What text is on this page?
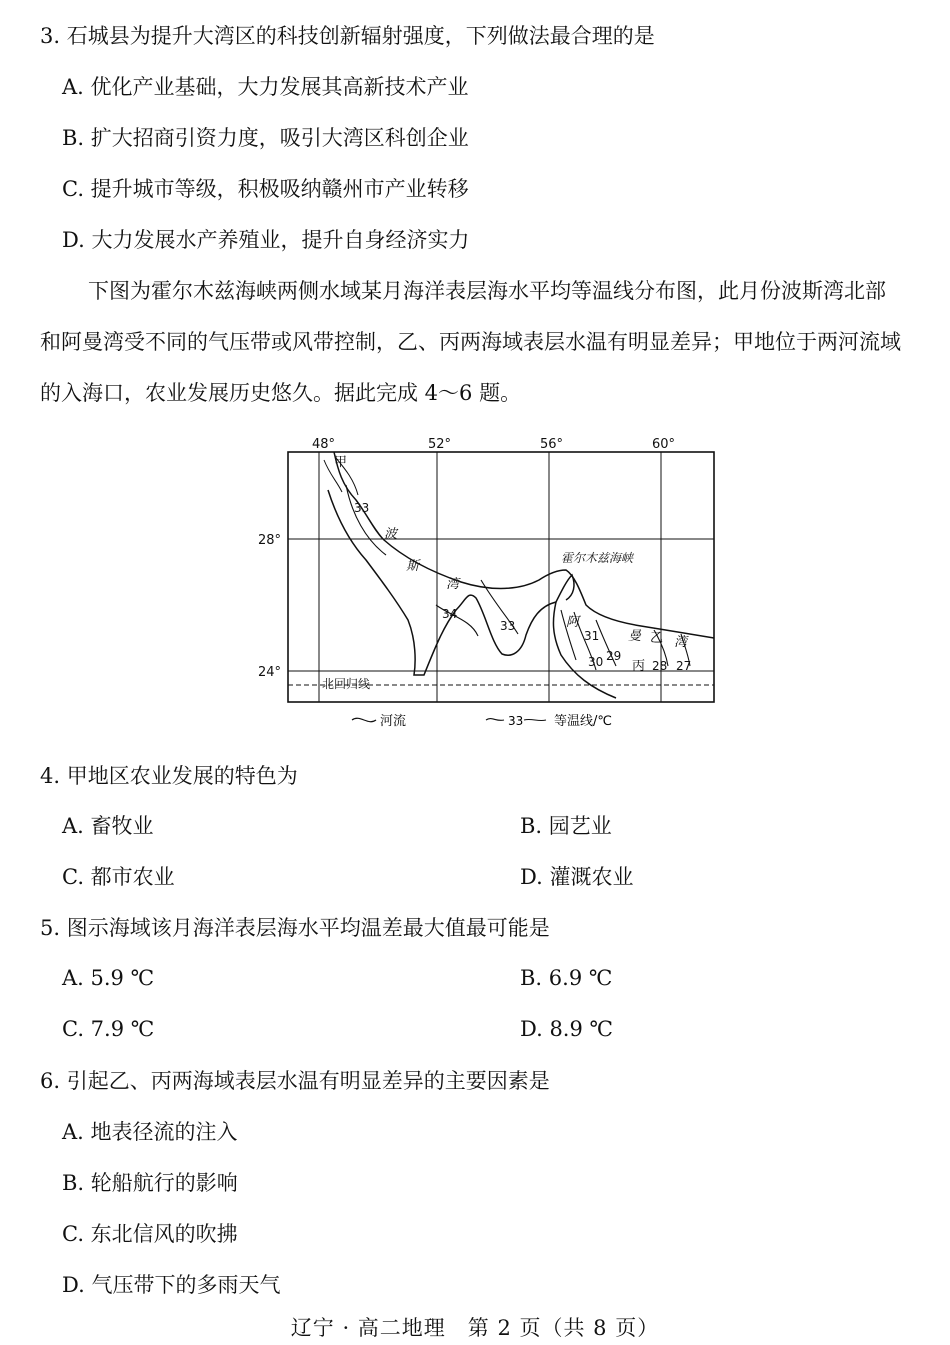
3. 石城县为提升大湾区的科技创新辐射强度，下列做法最合理的是
A. 优化产业基础，大力发展其高新技术产业
B. 扩大招商引资力度，吸引大湾区科创企业
C. 提升城市等级，积极吸纳赣州市产业转移
D. 大力发展水产养殖业，提升自身经济实力
下图为霍尔木兹海峡两侧水域某月海洋表层海水平均等温线分布图，此月份波斯湾北部
和阿曼湾受不同的气压带或风带控制，乙、丙两海域表层水温有明显差异；甲地位于两河流域
的入海口，农业发展历史悠久。据此完成 4～6 题。
48°	52°	56°	60°
28°
24°
甲
33
波
斯
湾
霍尔木兹海峡
34
33	阿
31 曼 乙 湾
30 29
丙 28 27
北回归线
河流	33 等温线/℃
4. 甲地区农业发展的特色为
A. 畜牧业	B. 园艺业
C. 都市农业	D. 灌溉农业
5. 图示海域该月海洋表层海水平均温差最大值最可能是
A. 5.9 ℃	B. 6.9 ℃
C. 7.9 ℃	D. 8.9 ℃
6. 引起乙、丙两海域表层水温有明显差异的主要因素是
A. 地表径流的注入
B. 轮船航行的影响
C. 东北信风的吹拂
D. 气压带下的多雨天气
辽宁 · 高二地理　第 2 页（共 8 页）
